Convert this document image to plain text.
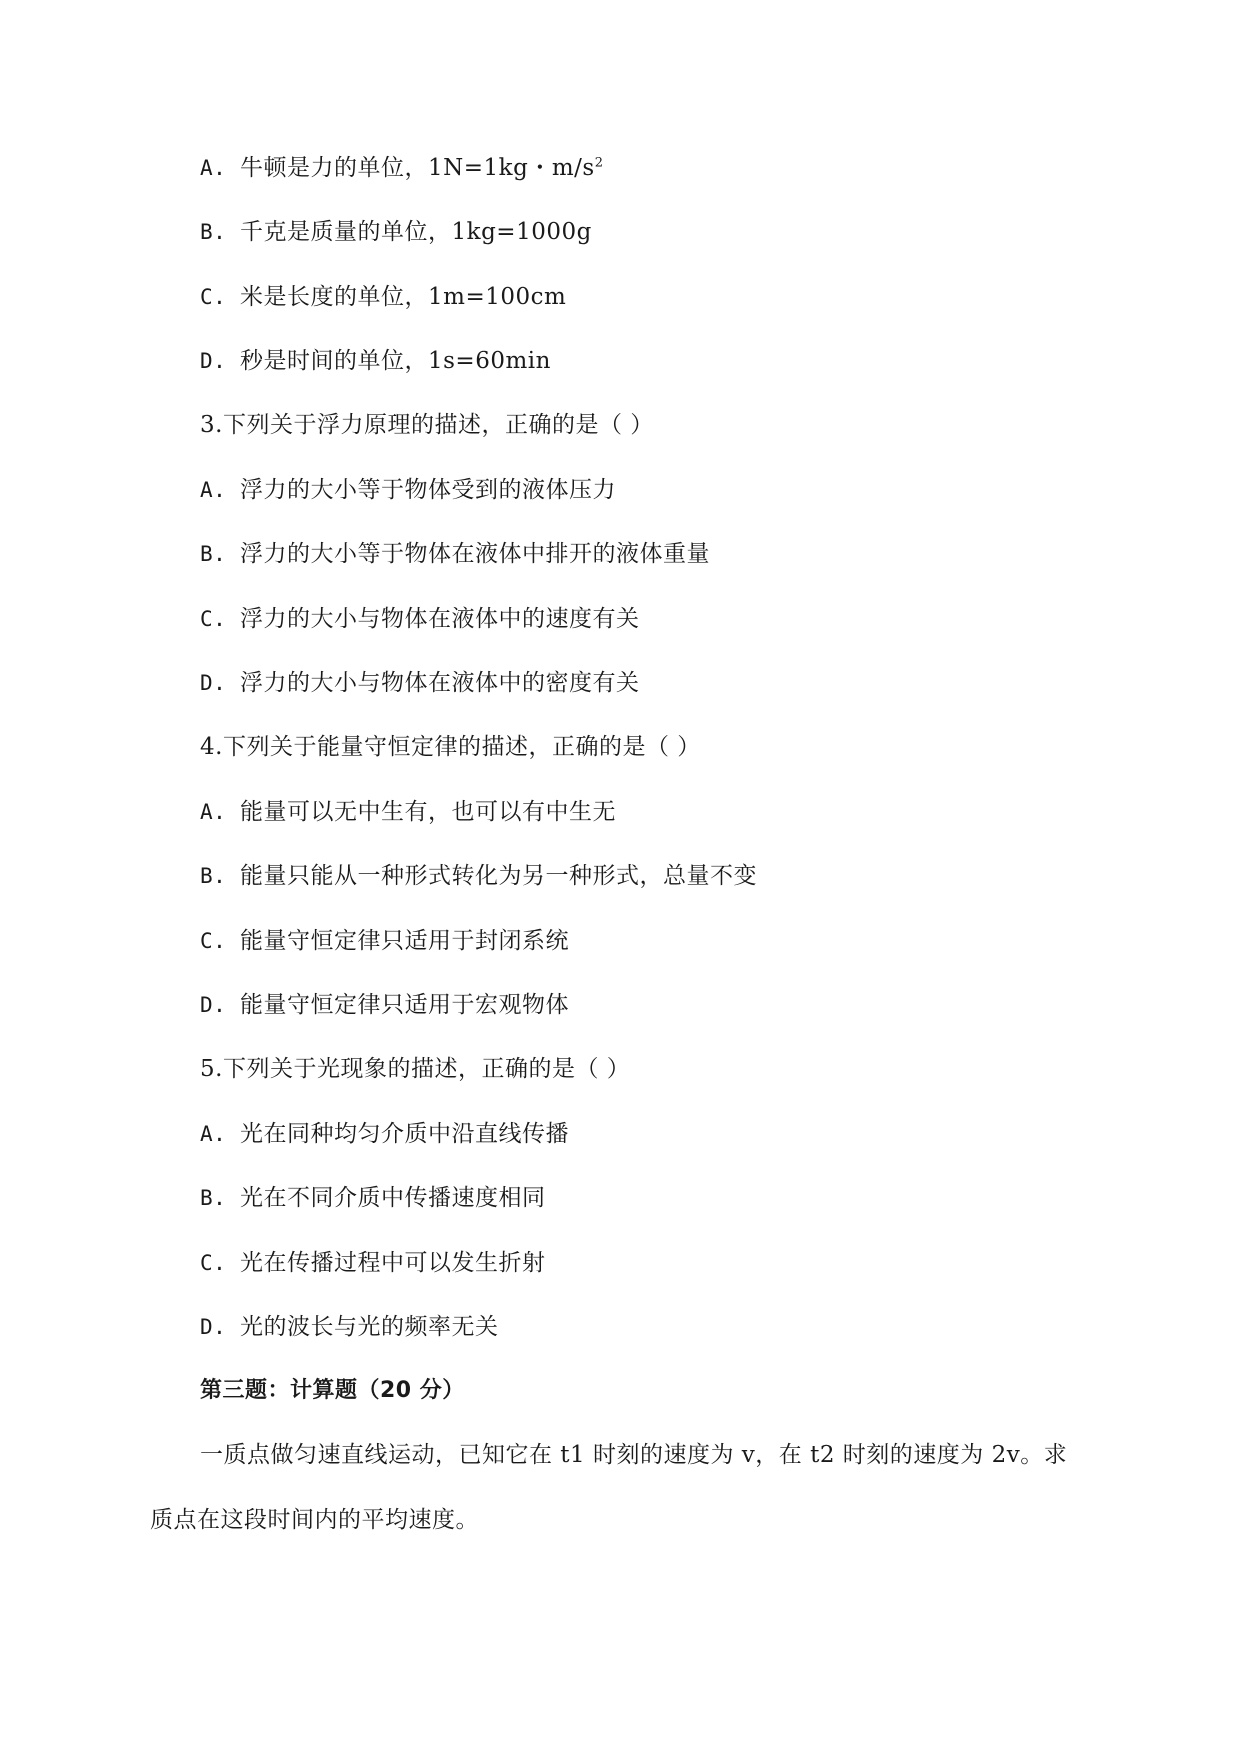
A. 牛顿是力的单位，1N=1kg・$m/s^2$
B. 千克是质量的单位，1kg=1000g
C. 米是长度的单位，1m=100cm
D. 秒是时间的单位，1s=60min
3.下列关于浮力原理的描述，正确的是（ ）
A. 浮力的大小等于物体受到的液体压力
B. 浮力的大小等于物体在液体中排开的液体重量
C. 浮力的大小与物体在液体中的速度有关
D. 浮力的大小与物体在液体中的密度有关
4.下列关于能量守恒定律的描述，正确的是（ ）
A. 能量可以无中生有，也可以有中生无
B. 能量只能从一种形式转化为另一种形式，总量不变
C. 能量守恒定律只适用于封闭系统
D. 能量守恒定律只适用于宏观物体
5.下列关于光现象的描述，正确的是（ ）
A. 光在同种均匀介质中沿直线传播
B. 光在不同介质中传播速度相同
C. 光在传播过程中可以发生折射
D. 光的波长与光的频率无关
第三题：计算题（20 分）
一质点做匀速直线运动，已知它在 t1 时刻的速度为 v，在 t2 时刻的速度为 2v。求
质点在这段时间内的平均速度。
